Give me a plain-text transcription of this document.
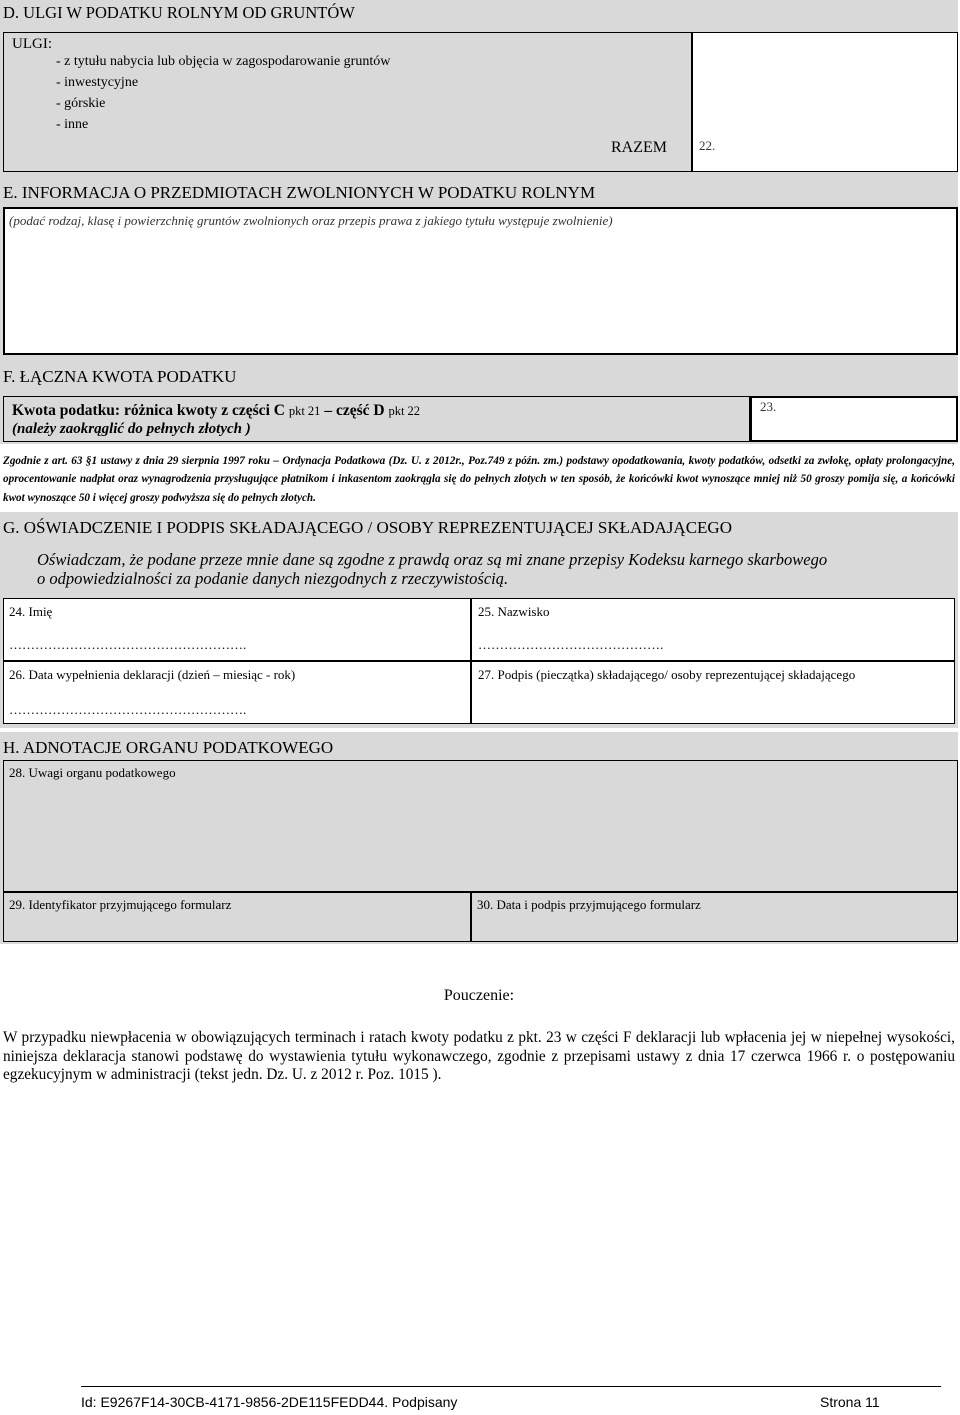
D. ULGI W PODATKU ROLNYM OD GRUNTÓW
ULGI:
- z tytułu nabycia lub objęcia w zagospodarowanie gruntów
- inwestycyjne
- górskie
- inne
RAZEM 22.
E. INFORMACJA O PRZEDMIOTACH ZWOLNIONYCH W PODATKU ROLNYM
(podać rodzaj, klasę i powierzchnię gruntów zwolnionych oraz przepis prawa z jakiego tytułu występuje zwolnienie)
F. ŁĄCZNA KWOTA PODATKU
Kwota podatku: różnica kwoty z części C pkt 21 – część D pkt 22
(należy zaokrąglić do pełnych złotych )
23.
Zgodnie z art. 63 §1 ustawy z dnia 29 sierpnia 1997 roku – Ordynacja Podatkowa (Dz. U. z 2012r., Poz.749 z późn. zm.) podstawy opodatkowania, kwoty podatków, odsetki za zwłokę, opłaty prolongacyjne, oprocentowanie nadpłat oraz wynagrodzenia przysługujące płatnikom i inkasentom zaokrągla się do pełnych złotych w ten sposób, że końcówki kwot wynoszące mniej niż 50 groszy pomija się, a końcówki kwot wynoszące 50 i więcej groszy podwyższa się do pełnych złotych.
G. OŚWIADCZENIE I PODPIS SKŁADAJĄCEGO / OSOBY REPREZENTUJĄCEJ SKŁADAJĄCEGO
Oświadczam, że podane przeze mnie dane są zgodne z prawdą oraz są mi znane przepisy Kodeksu karnego skarbowego
o odpowiedzialności za podanie danych niezgodnych z rzeczywistością.
24. Imię
……………………………………………….
25. Nazwisko
…………………………………….
26. Data wypełnienia deklaracji (dzień – miesiąc - rok)
……………………………………………….
27. Podpis (pieczątka) składającego/ osoby reprezentującej składającego
H. ADNOTACJE ORGANU PODATKOWEGO
28. Uwagi organu podatkowego
29. Identyfikator przyjmującego formularz	30. Data i podpis przyjmującego formularz
Pouczenie:
W przypadku niewpłacenia w obowiązujących terminach i ratach kwoty podatku z pkt. 23 w części F deklaracji lub wpłacenia jej w niepełnej wysokości, niniejsza deklaracja stanowi podstawę do wystawienia tytułu wykonawczego, zgodnie z przepisami ustawy z dnia 17 czerwca 1966 r. o postępowaniu egzekucyjnym w administracji (tekst jedn. Dz. U. z 2012 r. Poz. 1015 ).
Id: E9267F14-30CB-4171-9856-2DE115FEDD44. Podpisany	Strona 11
